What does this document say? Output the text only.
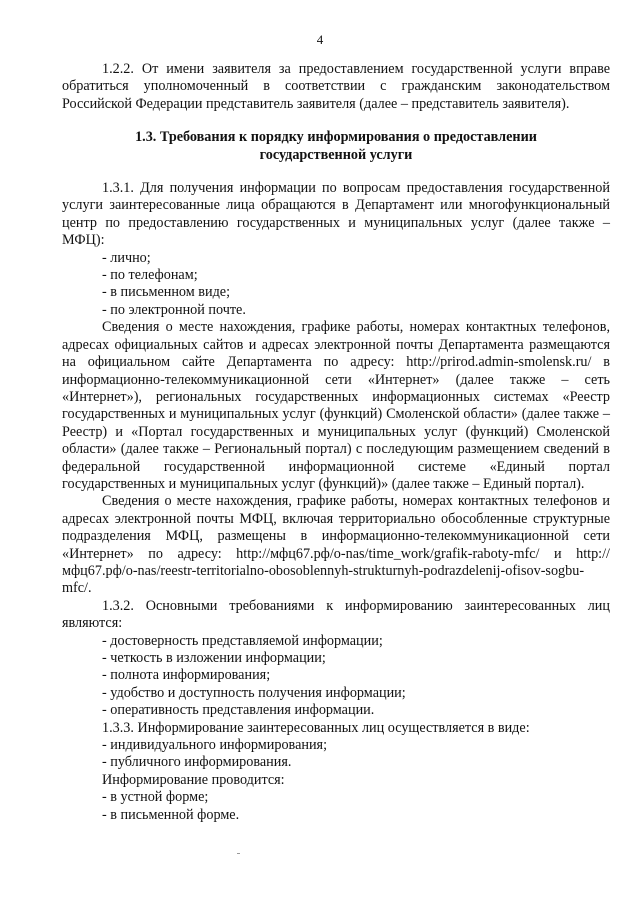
4

1.2.2. От имени заявителя за предоставлением государственной услуги вправе обратиться уполномоченный в соответствии с гражданским законодательством Российской Федерации представитель заявителя (далее – представитель заявителя).

1.3. Требования к порядку информирования о предоставлении
государственной услуги

1.3.1. Для получения информации по вопросам предоставления государственной услуги заинтересованные лица обращаются в Департамент или многофункциональный центр по предоставлению государственных и муниципальных услуг (далее также – МФЦ):

- лично;
- по телефонам;
- в письменном виде;
- по электронной почте.

Сведения о месте нахождения, графике работы, номерах контактных телефонов, адресах официальных сайтов и адресах электронной почты Департамента размещаются на официальном сайте Департамента по адресу: http://prirod.admin-smolensk.ru/ в информационно-телекоммуникационной сети «Интернет» (далее также – сеть «Интернет»), региональных государственных информационных системах «Реестр государственных и муниципальных услуг (функций) Смоленской области» (далее также – Реестр) и «Портал государственных и муниципальных услуг (функций) Смоленской области» (далее также – Региональный портал) с последующим размещением сведений в федеральной государственной информационной системе «Единый портал государственных и муниципальных услуг (функций)» (далее также – Единый портал).

Сведения о месте нахождения, графике работы, номерах контактных телефонов и адресах электронной почты МФЦ, включая территориально обособленные структурные подразделения МФЦ, размещены в информационно-телекоммуникационной сети «Интернет» по адресу: http://мфц67.рф/o-nas/time_work/grafik-raboty-mfc/ и http://мфц67.рф/o-nas/reestr-territorialno-obosoblennyh-strukturnyh-podrazdelenij-ofisov-sogbu-mfc/.

1.3.2. Основными требованиями к информированию заинтересованных лиц являются:

- достоверность представляемой информации;
- четкость в изложении информации;
- полнота информирования;
- удобство и доступность получения информации;
- оперативность представления информации.

1.3.3. Информирование заинтересованных лиц осуществляется в виде:

- индивидуального информирования;
- публичного информирования.

Информирование проводится:

- в устной форме;
- в письменной форме.
